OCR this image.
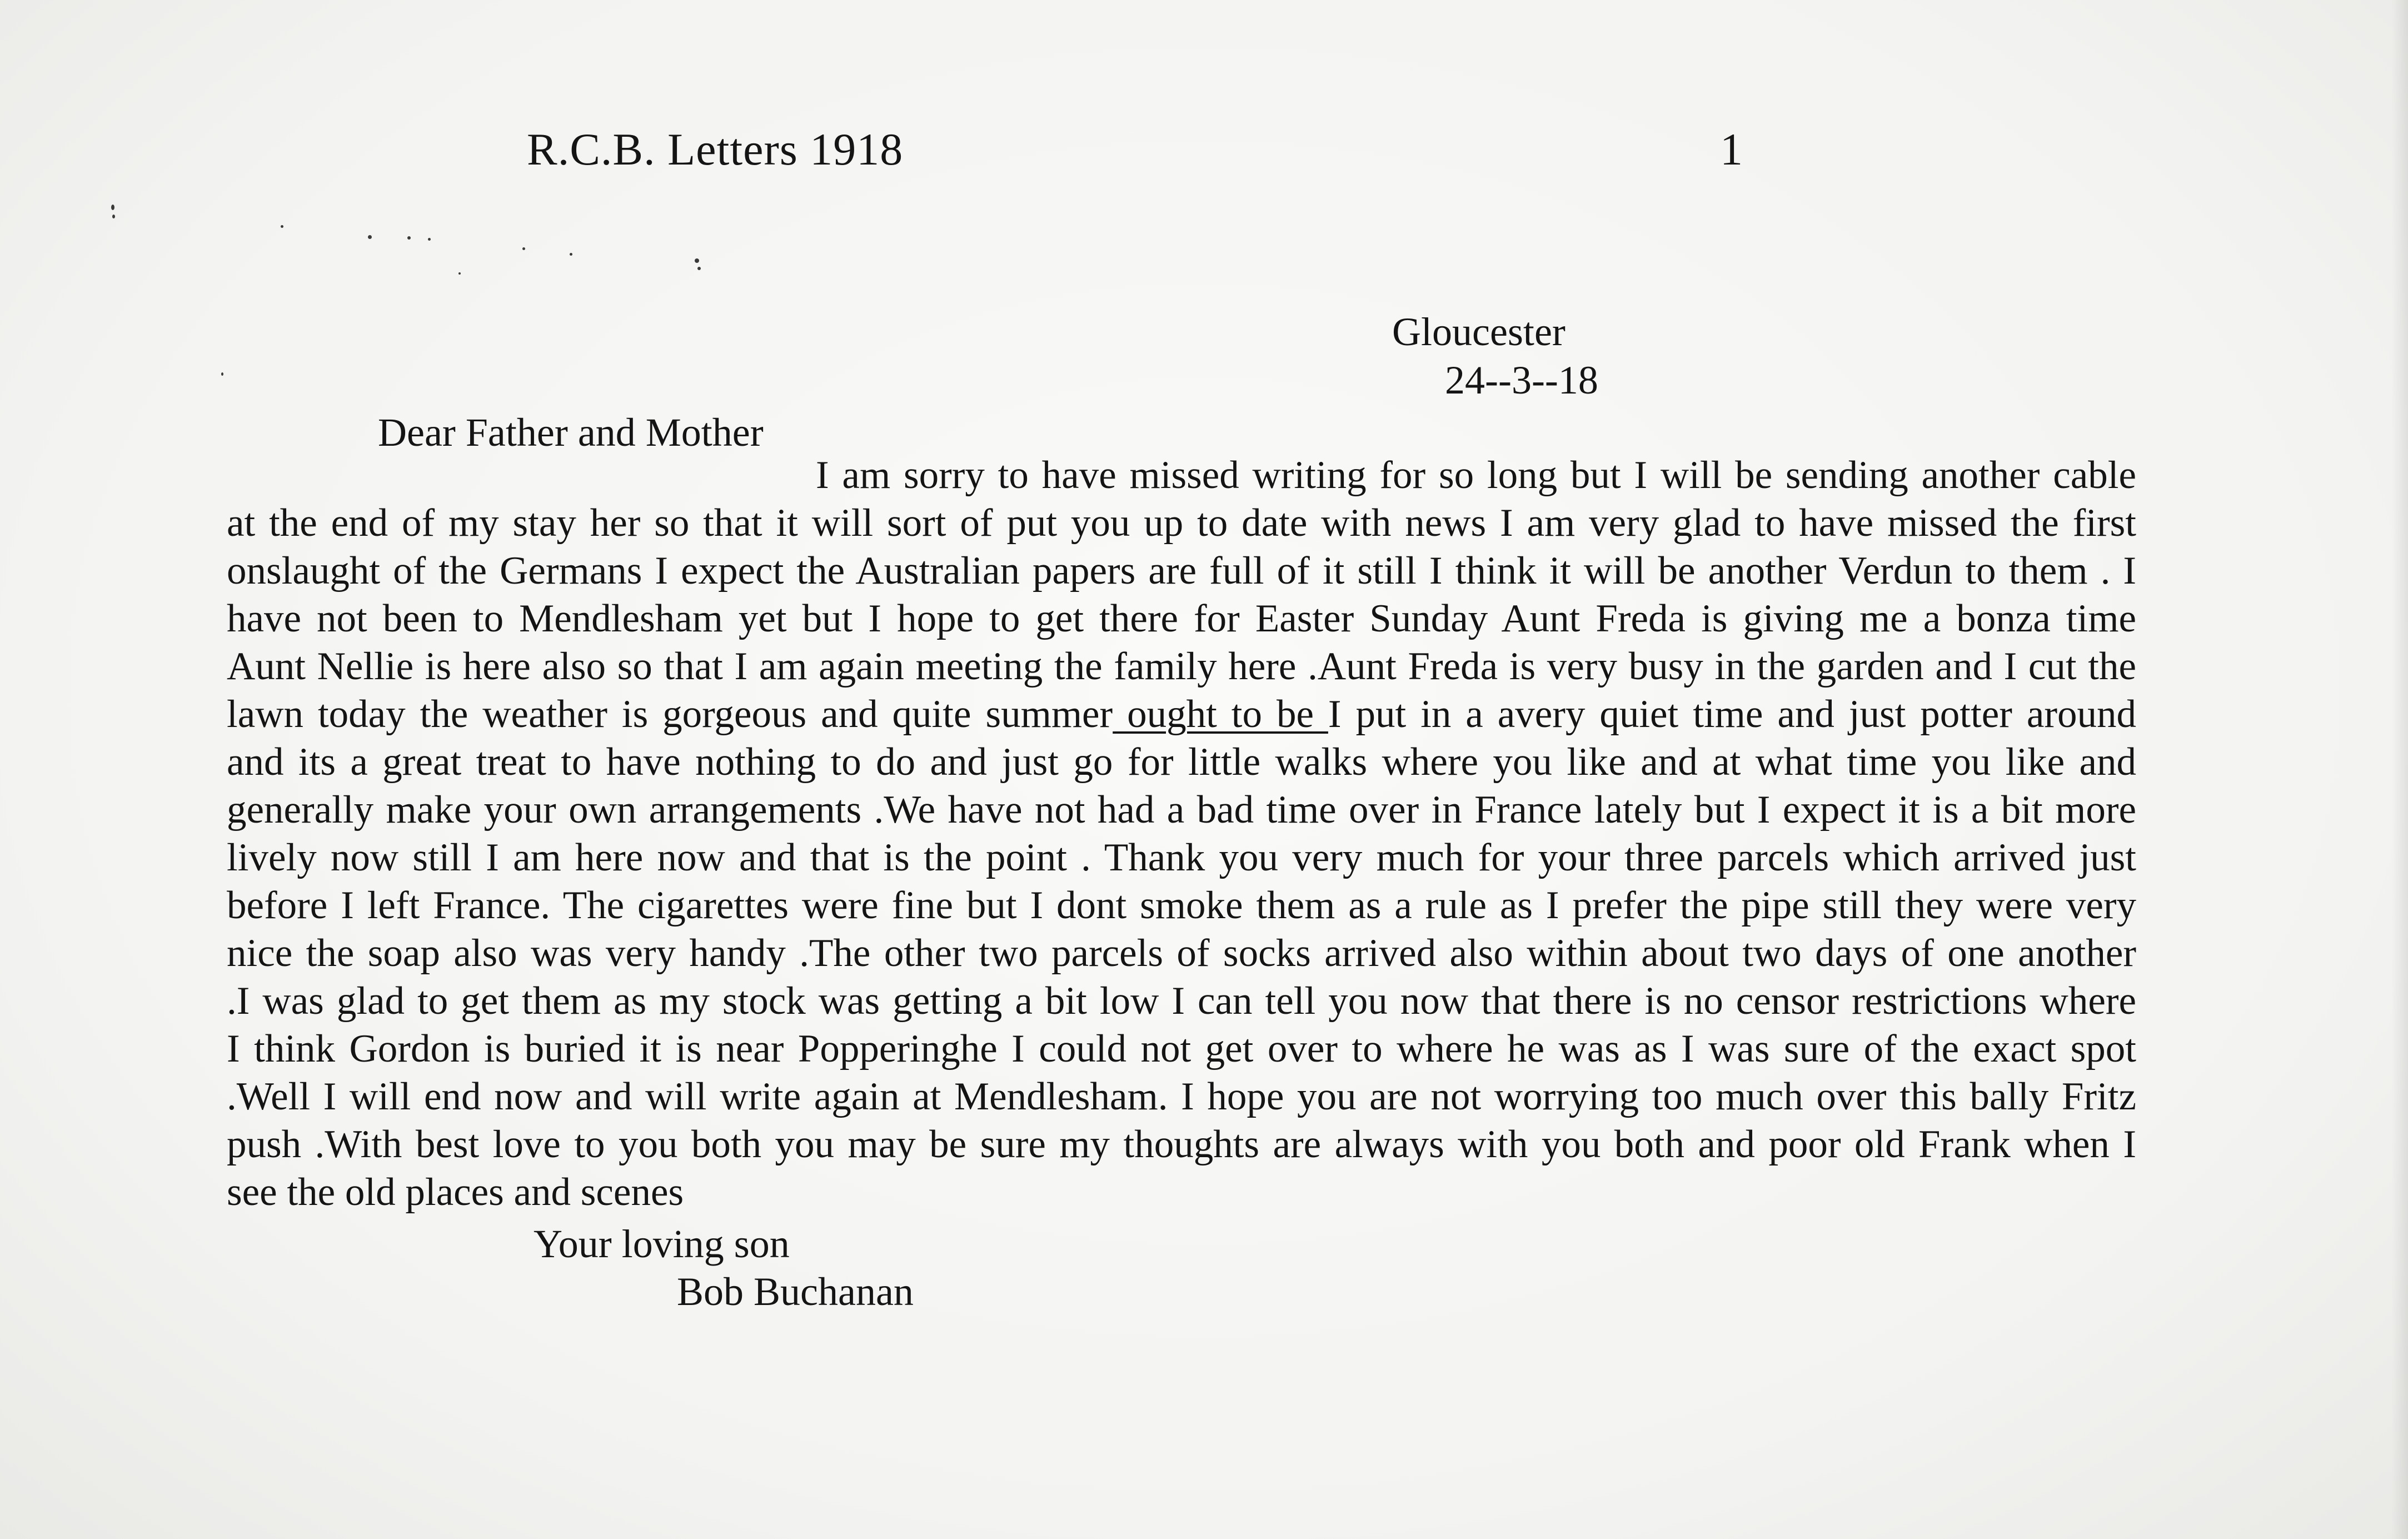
R.C.B. Letters 1918	1
Gloucester
24--3--18
Dear Father and Mother
I am sorry to have missed writing for so long but I will be sending another cable
at the end of my stay her so that it will sort of put you up to date with news I am very glad to have missed the first
onslaught of the Germans I expect the Australian papers are full of it still I think it will be another Verdun to them . I
have not been to Mendlesham yet but I hope to get there for Easter Sunday Aunt Freda is giving me a bonza time
Aunt Nellie is here also so that I am again meeting the family here .Aunt Freda is very busy in the garden and I cut the
lawn today the weather is gorgeous and quite summer ought to be I put in a avery quiet time and just potter around
and its a great treat to have nothing to do and just go for little walks where you like and at what time you like and
generally make your own arrangements .We have not had a bad time over in France lately but I expect it is a bit more
lively now still I am here now and that is the point . Thank you very much for your three parcels which arrived just
before I left France. The cigarettes were fine but I dont smoke them as a rule as I prefer the pipe still they were very
nice the soap also was very handy .The other two parcels of socks arrived also within about two days of one another
.I was glad to get them as my stock was getting a bit low I can tell you now that there is no censor restrictions where
I think Gordon is buried it is near Popperinghe I could not get over to where he was as I was sure of the exact spot
.Well I will end now and will write again at Mendlesham. I hope you are not worrying too much over this bally Fritz
push .With best love to you both you may be sure my thoughts are always with you both and poor old Frank when I
see the old places and scenes
Your loving son
Bob Buchanan
